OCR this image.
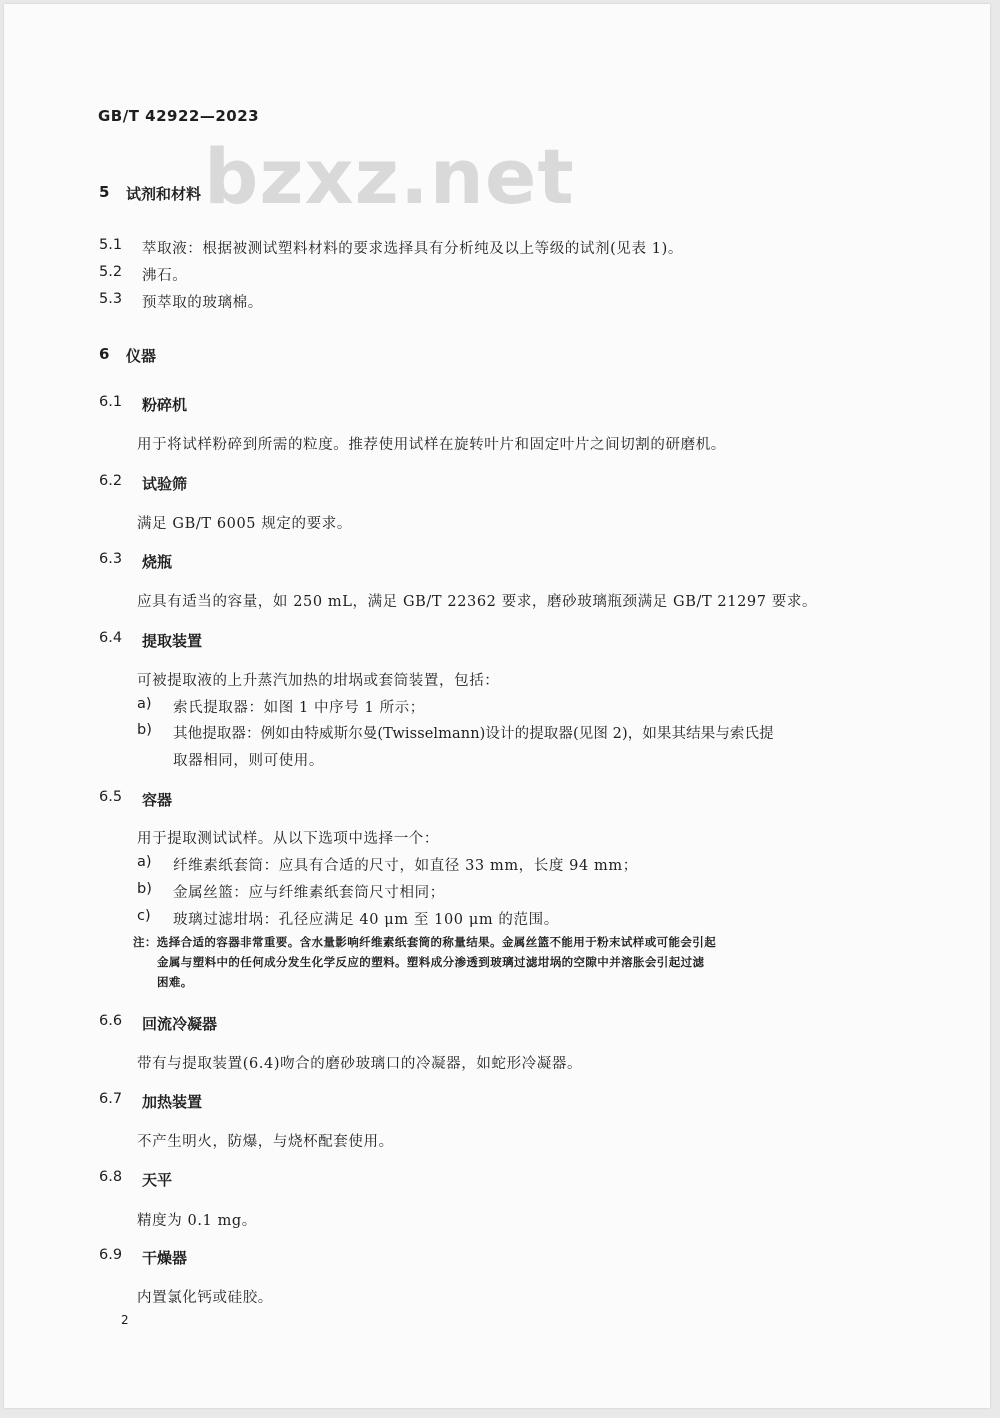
GB/T 42922—2023
bzxz.net
5 试剂和材料
5.1 萃取液：根据被测试塑料材料的要求选择具有分析纯及以上等级的试剂(见表 1)。
5.2 沸石。
5.3 预萃取的玻璃棉。
6 仪器
6.1 粉碎机
用于将试样粉碎到所需的粒度。推荐使用试样在旋转叶片和固定叶片之间切割的研磨机。
6.2 试验筛
满足 GB/T 6005 规定的要求。
6.3 烧瓶
应具有适当的容量，如 250 mL，满足 GB/T 22362 要求，磨砂玻璃瓶颈满足 GB/T 21297 要求。
6.4 提取装置
可被提取液的上升蒸汽加热的坩埚或套筒装置，包括：
a) 索氏提取器：如图 1 中序号 1 所示；
b) 其他提取器：例如由特威斯尔曼(Twisselmann)设计的提取器(见图 2)，如果其结果与索氏提
取器相同，则可使用。
6.5 容器
用于提取测试试样。从以下选项中选择一个：
a) 纤维素纸套筒：应具有合适的尺寸，如直径 33 mm，长度 94 mm；
b) 金属丝篮：应与纤维素纸套筒尺寸相同；
c) 玻璃过滤坩埚：孔径应满足 40 μm 至 100 μm 的范围。
注：选择合适的容器非常重要。含水量影响纤维素纸套筒的称量结果。金属丝篮不能用于粉末试样或可能会引起
金属与塑料中的任何成分发生化学反应的塑料。塑料成分渗透到玻璃过滤坩埚的空隙中并溶胀会引起过滤
困难。
6.6 回流冷凝器
带有与提取装置(6.4)吻合的磨砂玻璃口的冷凝器，如蛇形冷凝器。
6.7 加热装置
不产生明火，防爆，与烧杯配套使用。
6.8 天平
精度为 0.1 mg。
6.9 干燥器
内置氯化钙或硅胶。
2
